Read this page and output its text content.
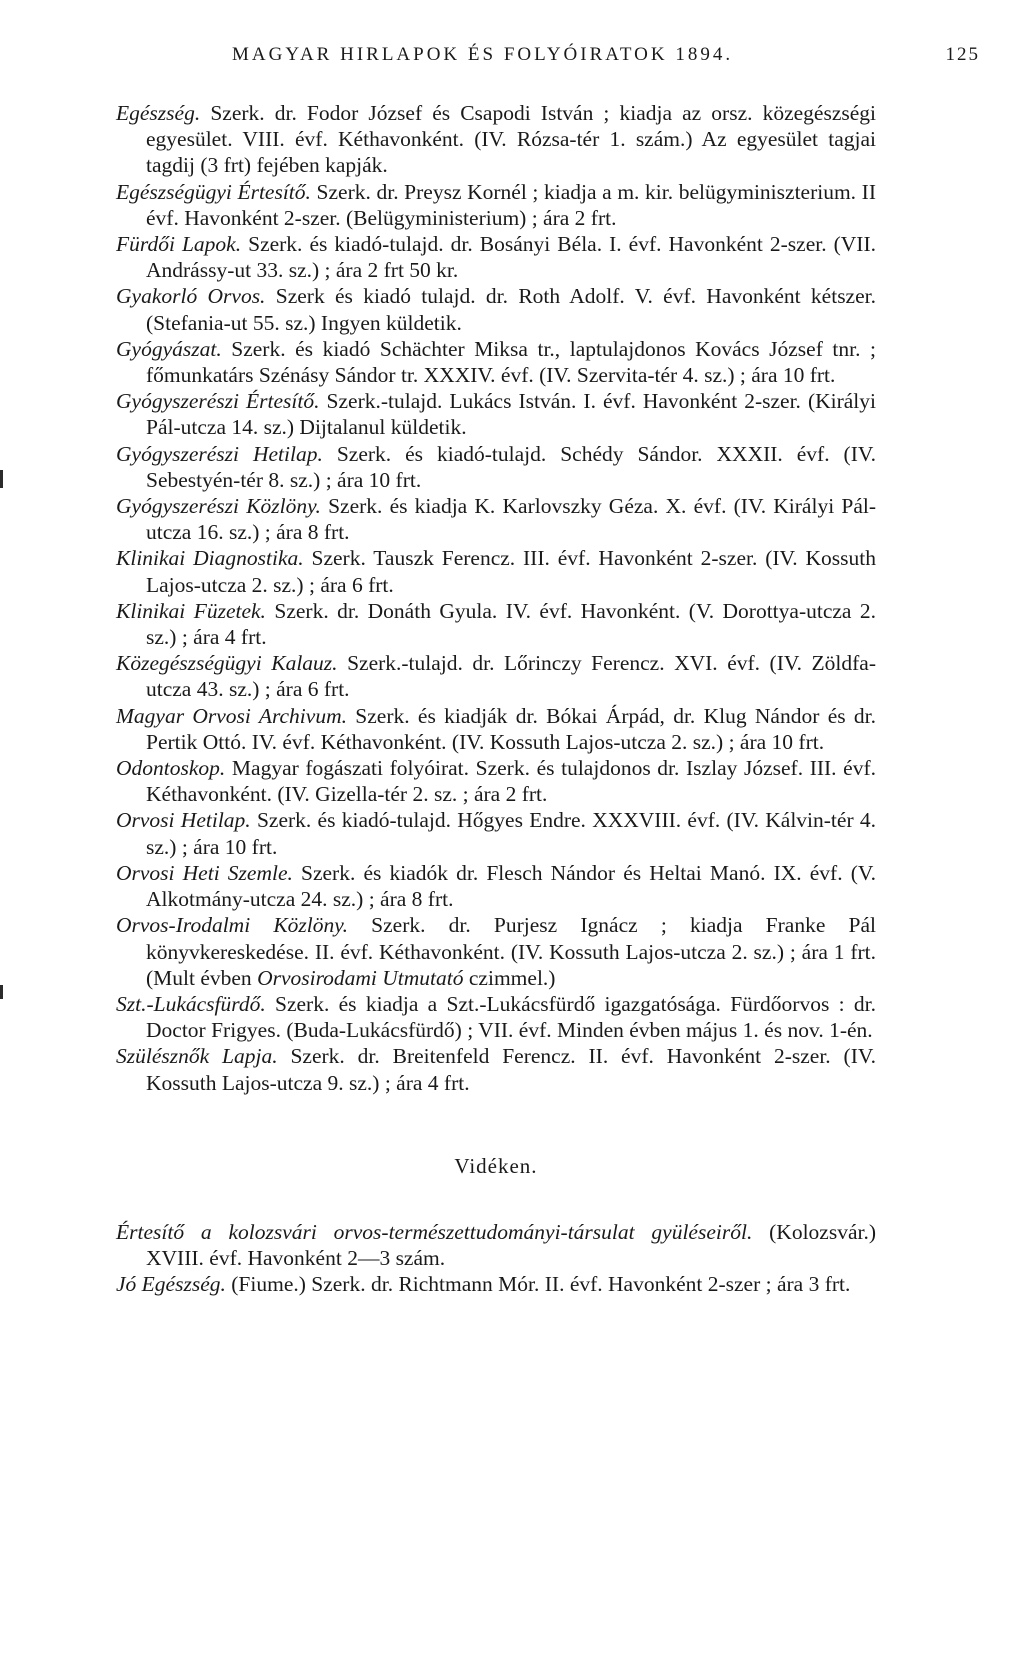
MAGYAR HIRLAPOK ÉS FOLYÓIRATOK 1894.	125

Egészség. Szerk. dr. Fodor József és Csapodi István ; kiadja az orsz. közegészségi egyesület. VIII. évf. Kéthavonként. (IV. Rózsa-tér 1. szám.) Az egyesület tagjai tagdij (3 frt) fejében kapják.

Egészségügyi Értesítő. Szerk. dr. Preysz Kornél ; kiadja a m. kir. belügyminiszterium. II évf. Havonként 2-szer. (Belügyministerium) ; ára 2 frt.

Fürdői Lapok. Szerk. és kiadó-tulajd. dr. Bosányi Béla. I. évf. Havonként 2-szer. (VII. Andrássy-ut 33. sz.) ; ára 2 frt 50 kr.

Gyakorló Orvos. Szerk és kiadó tulajd. dr. Roth Adolf. V. évf. Havonként kétszer. (Stefania-ut 55. sz.) Ingyen küldetik.

Gyógyászat. Szerk. és kiadó Schächter Miksa tr., laptulajdonos Kovács József tnr. ; főmunkatárs Szénásy Sándor tr. XXXIV. évf. (IV. Szervita-tér 4. sz.) ; ára 10 frt.

Gyógyszerészi Értesítő. Szerk.-tulajd. Lukács István. I. évf. Havonként 2-szer. (Királyi Pál-utcza 14. sz.) Dijtalanul küldetik.

Gyógyszerészi Hetilap. Szerk. és kiadó-tulajd. Schédy Sándor. XXXII. évf. (IV. Sebestyén-tér 8. sz.) ; ára 10 frt.

Gyógyszerészi Közlöny. Szerk. és kiadja K. Karlovszky Géza. X. évf. (IV. Királyi Pál-utcza 16. sz.) ; ára 8 frt.

Klinikai Diagnostika. Szerk. Tauszk Ferencz. III. évf. Havonként 2-szer. (IV. Kossuth Lajos-utcza 2. sz.) ; ára 6 frt.

Klinikai Füzetek. Szerk. dr. Donáth Gyula. IV. évf. Havonként. (V. Dorottya-utcza 2. sz.) ; ára 4 frt.

Közegészségügyi Kalauz. Szerk.-tulajd. dr. Lőrinczy Ferencz. XVI. évf. (IV. Zöldfa-utcza 43. sz.) ; ára 6 frt.

Magyar Orvosi Archivum. Szerk. és kiadják dr. Bókai Árpád, dr. Klug Nándor és dr. Pertik Ottó. IV. évf. Kéthavonként. (IV. Kossuth Lajos-utcza 2. sz.) ; ára 10 frt.

Odontoskop. Magyar fogászati folyóirat. Szerk. és tulajdonos dr. Iszlay József. III. évf. Kéthavonként. (IV. Gizella-tér 2. sz. ; ára 2 frt.

Orvosi Hetilap. Szerk. és kiadó-tulajd. Hőgyes Endre. XXXVIII. évf. (IV. Kálvin-tér 4. sz.) ; ára 10 frt.

Orvosi Heti Szemle. Szerk. és kiadók dr. Flesch Nándor és Heltai Manó. IX. évf. (V. Alkotmány-utcza 24. sz.) ; ára 8 frt.

Orvos-Irodalmi Közlöny. Szerk. dr. Purjesz Ignácz ; kiadja Franke Pál könyvkereskedése. II. évf. Kéthavonként. (IV. Kossuth Lajos-utcza 2. sz.) ; ára 1 frt. (Mult évben Orvosirodami Utmutató czimmel.)

Szt.-Lukácsfürdő. Szerk. és kiadja a Szt.-Lukácsfürdő igazgatósága. Fürdőorvos : dr. Doctor Frigyes. (Buda-Lukácsfürdő) ; VII. évf. Minden évben május 1. és nov. 1-én.

Szülésznők Lapja. Szerk. dr. Breitenfeld Ferencz. II. évf. Havonként 2-szer. (IV. Kossuth Lajos-utcza 9. sz.) ; ára 4 frt.

Vidéken.

Értesítő a kolozsvári orvos-természettudományi-társulat gyüléseiről. (Kolozsvár.) XVIII. évf. Havonként 2—3 szám.

Jó Egészség. (Fiume.) Szerk. dr. Richtmann Mór. II. évf. Havonként 2-szer ; ára 3 frt.
